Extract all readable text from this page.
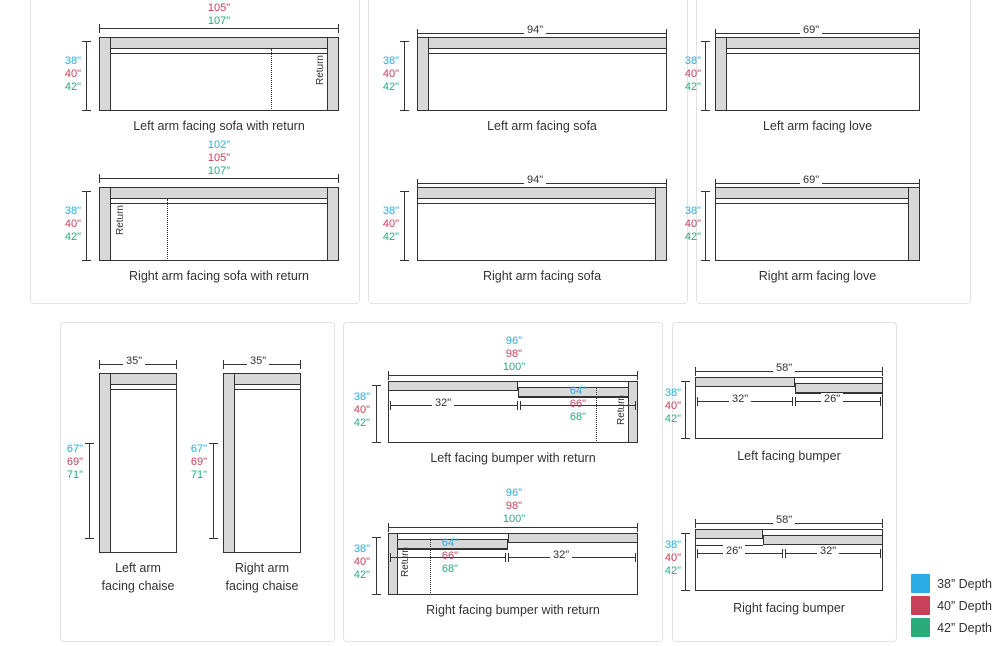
105"
107"
38"
40"
42"
Return
Left arm facing sofa with return
102"
105"
107"
38"
40"
42"
Return
Right arm facing sofa with return
94"
38"
40"
42"
Left arm facing sofa
94"
38"
40"
42"
Right arm facing sofa
69"
38"
40"
42"
Left arm facing love
69"
38"
40"
42"
Right arm facing love
35"
67"
69"
71"
Left arm
facing chaise
35"
67"
69"
71"
Right arm
facing chaise
96"
98"
100"
38"
40"
42"
32"
64"
66"
68"	Return
Left facing bumper with return
96"
98"
100"
38"
40"
42"
64"
66"
68"
32"
Return
Right facing bumper with return
58"
38"
40"
42"
32"	26"
Left facing bumper
58"
38"
40"
42"
26"	32"
Right facing bumper
38” Depth
40” Depth
42” Depth
